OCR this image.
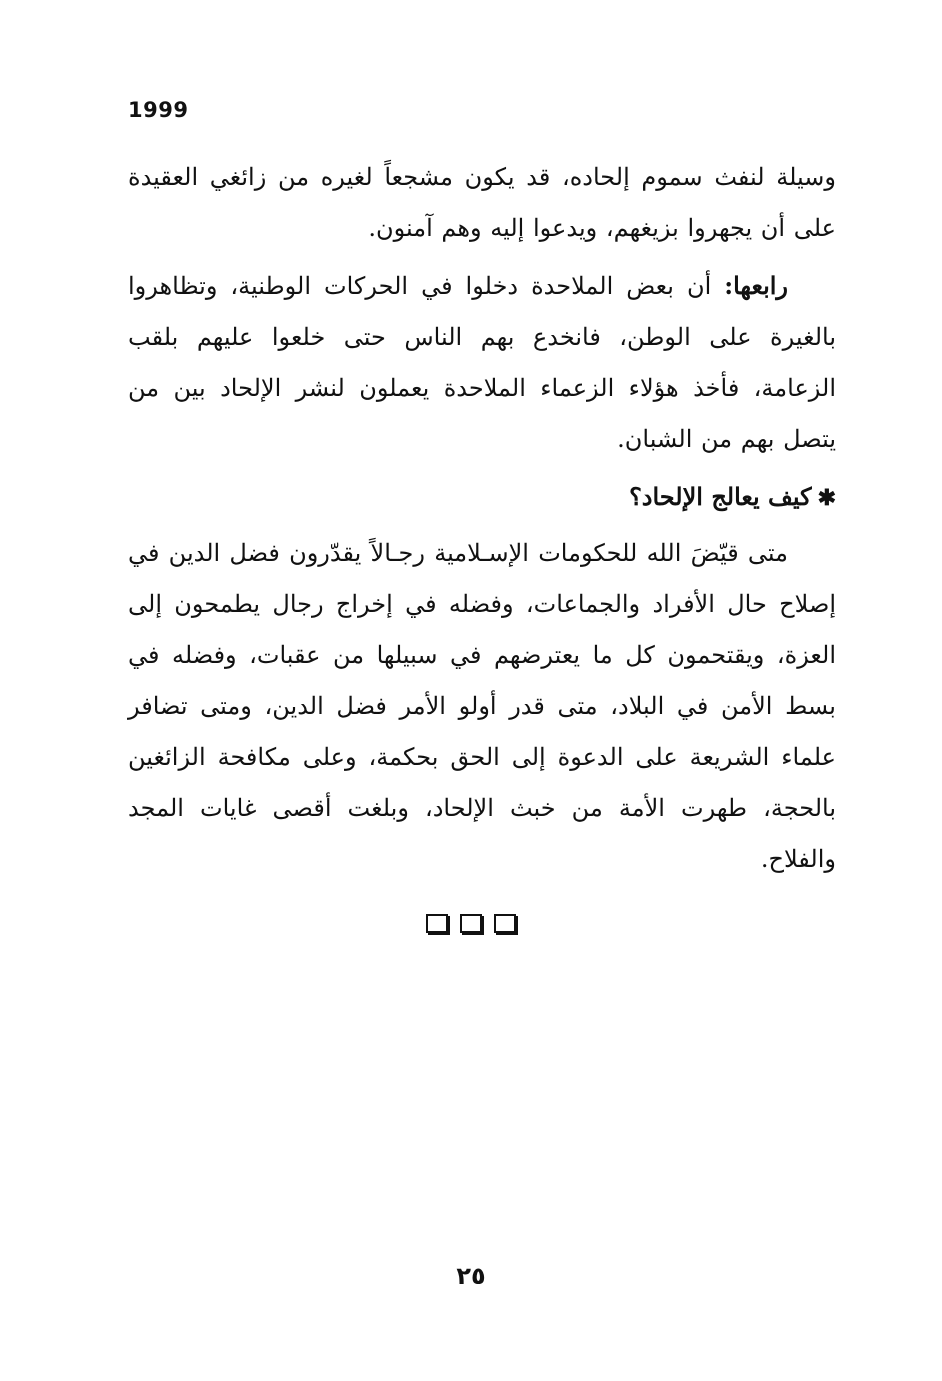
1999

وسيلة لنفث سموم إلحاده، قد يكون مشجعاً لغيره من زائغي العقيدة على أن يجهروا بزيغهم، ويدعوا إليه وهم آمنون.

رابعها: أن بعض الملاحدة دخلوا في الحركات الوطنية، وتظاهروا بالغيرة على الوطن، فانخدع بهم الناس حتى خلعوا عليهم بلقب الزعامة، فأخذ هؤلاء الزعماء الملاحدة يعملون لنشر الإلحاد بين من يتصل بهم من الشبان.

✱كيف يعالج الإلحاد؟

متى قيّضَ الله للحكومات الإسـلامية رجـالاً يقدّرون فضل الدين في إصلاح حال الأفراد والجماعات، وفضله في إخراج رجال يطمحون إلى العزة، ويقتحمون كل ما يعترضهم في سبيلها من عقبات، وفضله في بسط الأمن في البلاد، متى قدر أولو الأمر فضل الدين، ومتى تضافر علماء الشريعة على الدعوة إلى الحق بحكمة، وعلى مكافحة الزائغين بالحجة، طهرت الأمة من خبث الإلحاد، وبلغت أقصى غايات المجد والفلاح.

٢٥
